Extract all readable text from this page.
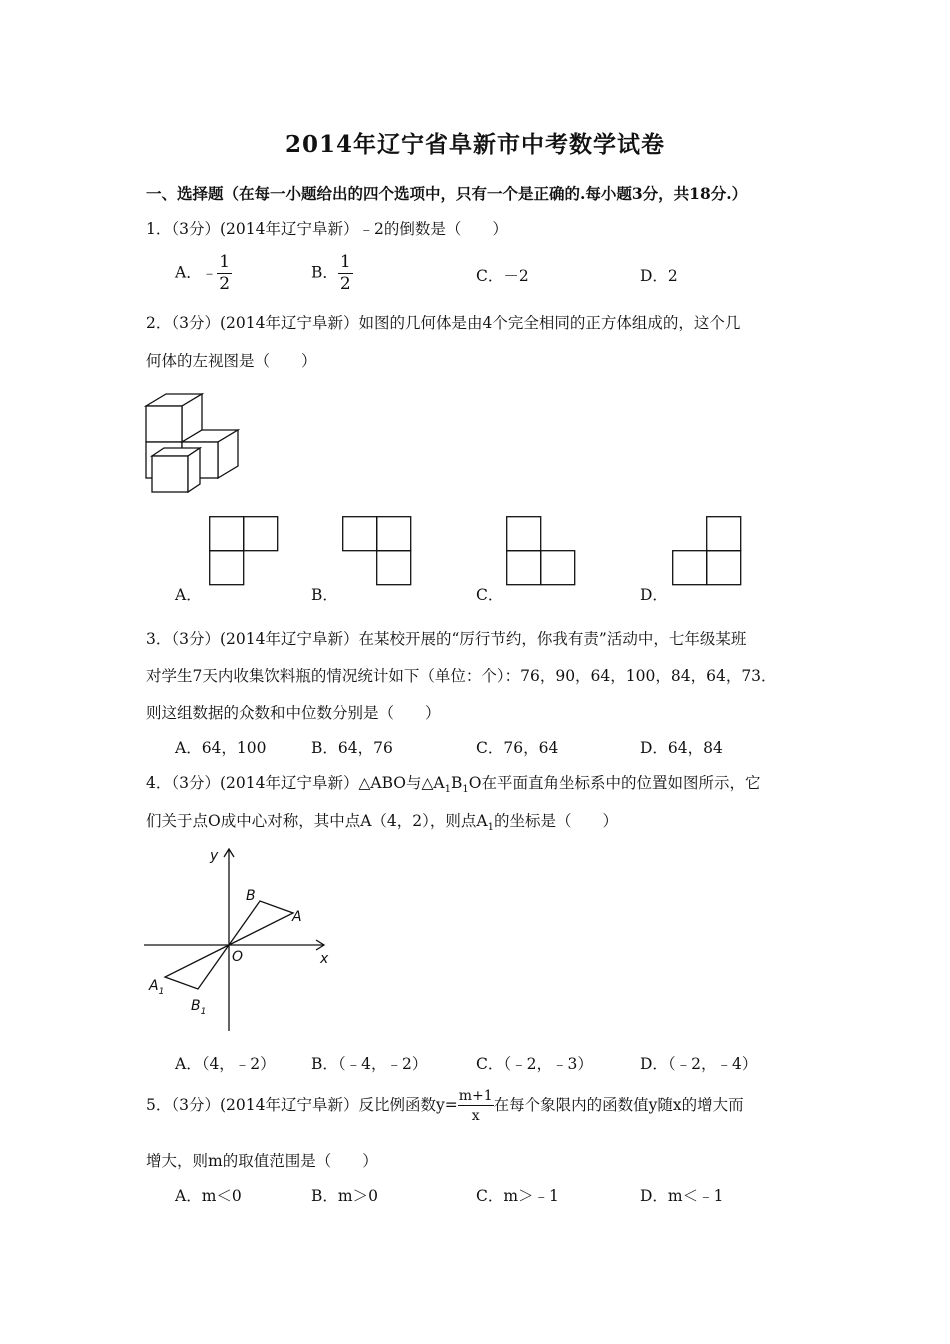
2014年辽宁省阜新市中考数学试卷
一、选择题（在每一小题给出的四个选项中，只有一个是正确的.每小题3分，共18分.）
1．（3分）(2014年辽宁阜新）﹣2的倒数是（　　）
A．﹣ $\frac{1}{2}$	B． $\frac{1}{2}$	C．－2	D．2
2．（3分）(2014年辽宁阜新）如图的几何体是由4个完全相同的正方体组成的，这个几
何体的左视图是（　　）
A．	B．	C．	D．
3．（3分）(2014年辽宁阜新）在某校开展的“厉行节约，你我有责”活动中，七年级某班
对学生7天内收集饮料瓶的情况统计如下（单位：个）：76，90，64，100，84，64，73．
则这组数据的众数和中位数分别是（　　）
A．64，100	B．64，76	C．76，64	D．64，84
4．（3分）(2014年辽宁阜新）△ABO与$\triangle A_1B_1O$在平面直角坐标系中的位置如图所示，它
们关于点O成中心对称，其中点A（4，2），则点$A_1$的坐标是（　　）
y
x
O
A
B
$A_1$
$B_1$
A．（4，﹣2） B．（﹣4，﹣2）	C．（﹣2，﹣3）	D．（﹣2，﹣4）
5．（3分）(2014年辽宁阜新）反比例函数$y= \frac{m+1}{x}$ 在每个象限内的函数值y随x的增大而
增大，则m的取值范围是（　　）
A．m＜0	B．m＞0	C．m＞﹣1	D．m＜﹣1
